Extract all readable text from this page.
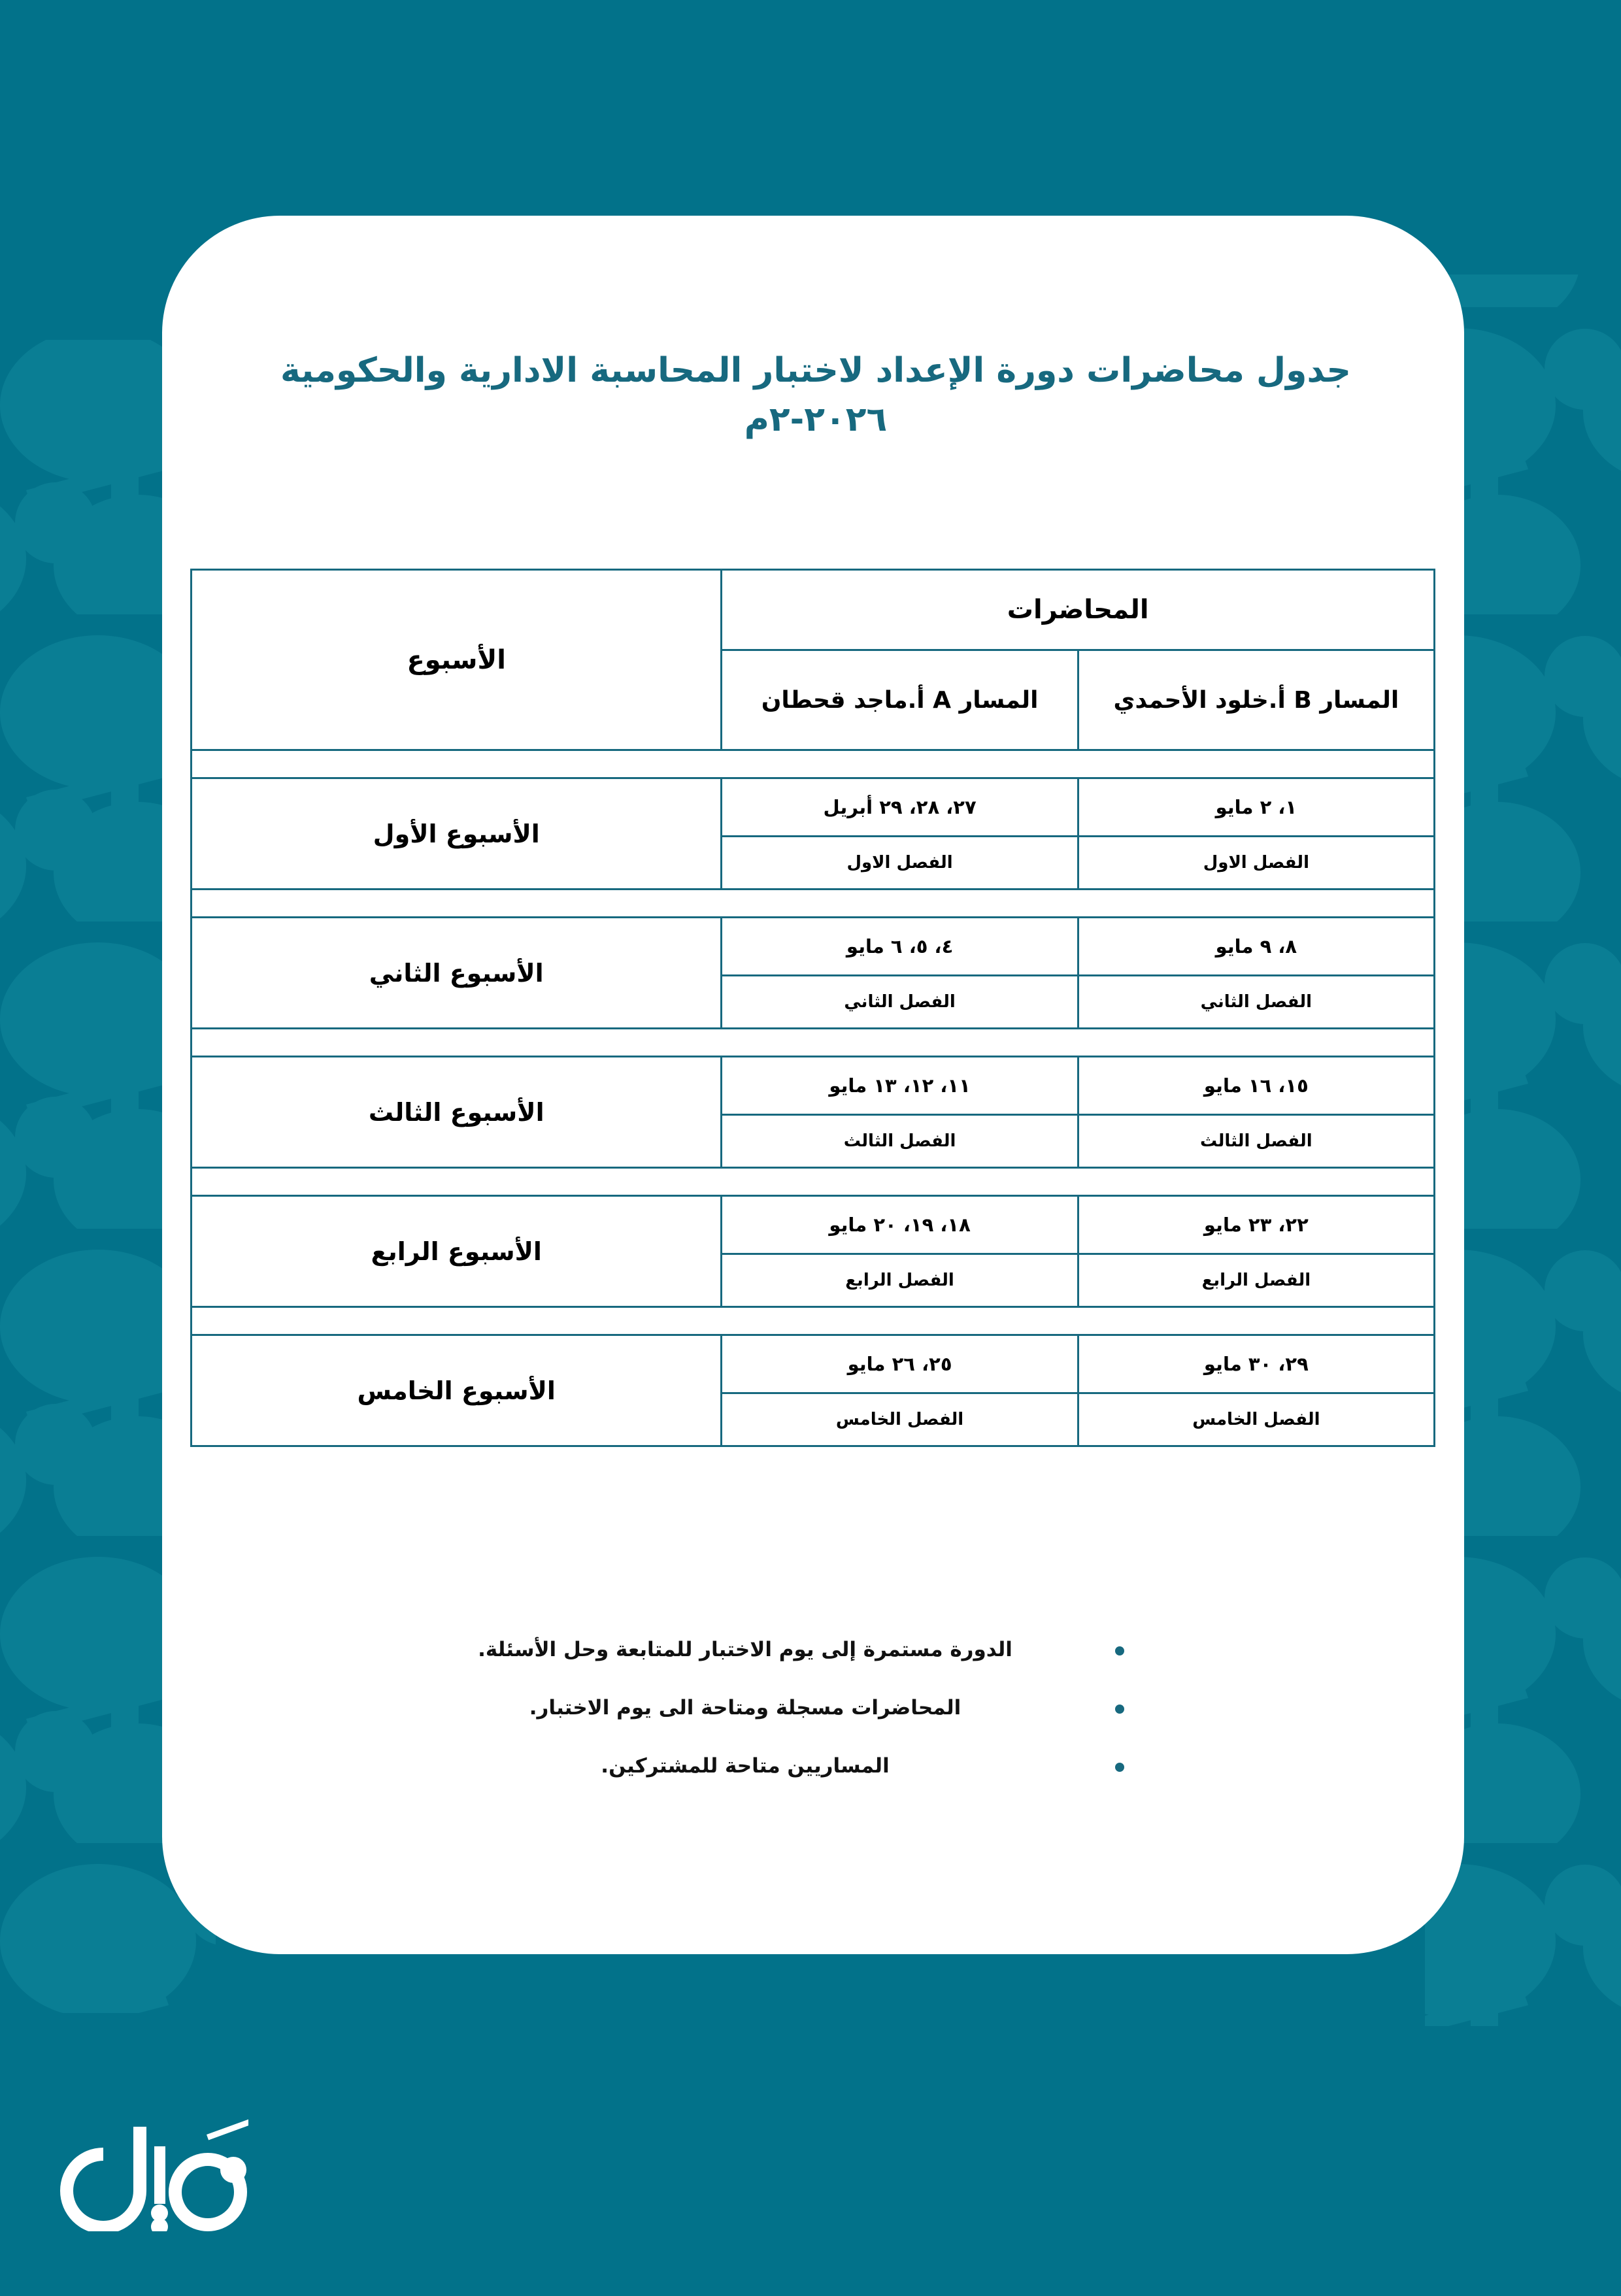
جدول محاضرات دورة الإعداد لاختبار المحاسبة الادارية والحكومية
٢٠٢٦-٢م
المحاضرات		الأسبوع
المسار B أ.خلود الأحمدي	المسار A أ.ماجد قحطان	

١، ٢ مايو	٢٧، ٢٨، ٢٩ أبريل	الأسبوع الأول
الفصل الاول	الفصل الاول	

٨، ٩ مايو	٤، ٥، ٦ مايو	الأسبوع الثاني
الفصل الثاني	الفصل الثاني	

١٥، ١٦ مايو	١١، ١٢، ١٣ مايو	الأسبوع الثالث
الفصل الثالث	الفصل الثالث	

٢٢، ٢٣ مايو	١٨، ١٩، ٢٠ مايو	الأسبوع الرابع
الفصل الرابع	الفصل الرابع	

٢٩، ٣٠ مايو	٢٥، ٢٦ مايو	الأسبوع الخامس
الفصل الخامس	الفصل الخامس	
الدورة مستمرة إلى يوم الاختبار للمتابعة وحل الأسئلة.
المحاضرات مسجلة ومتاحة الى يوم الاختبار.
المساريين متاحة للمشتركين.
